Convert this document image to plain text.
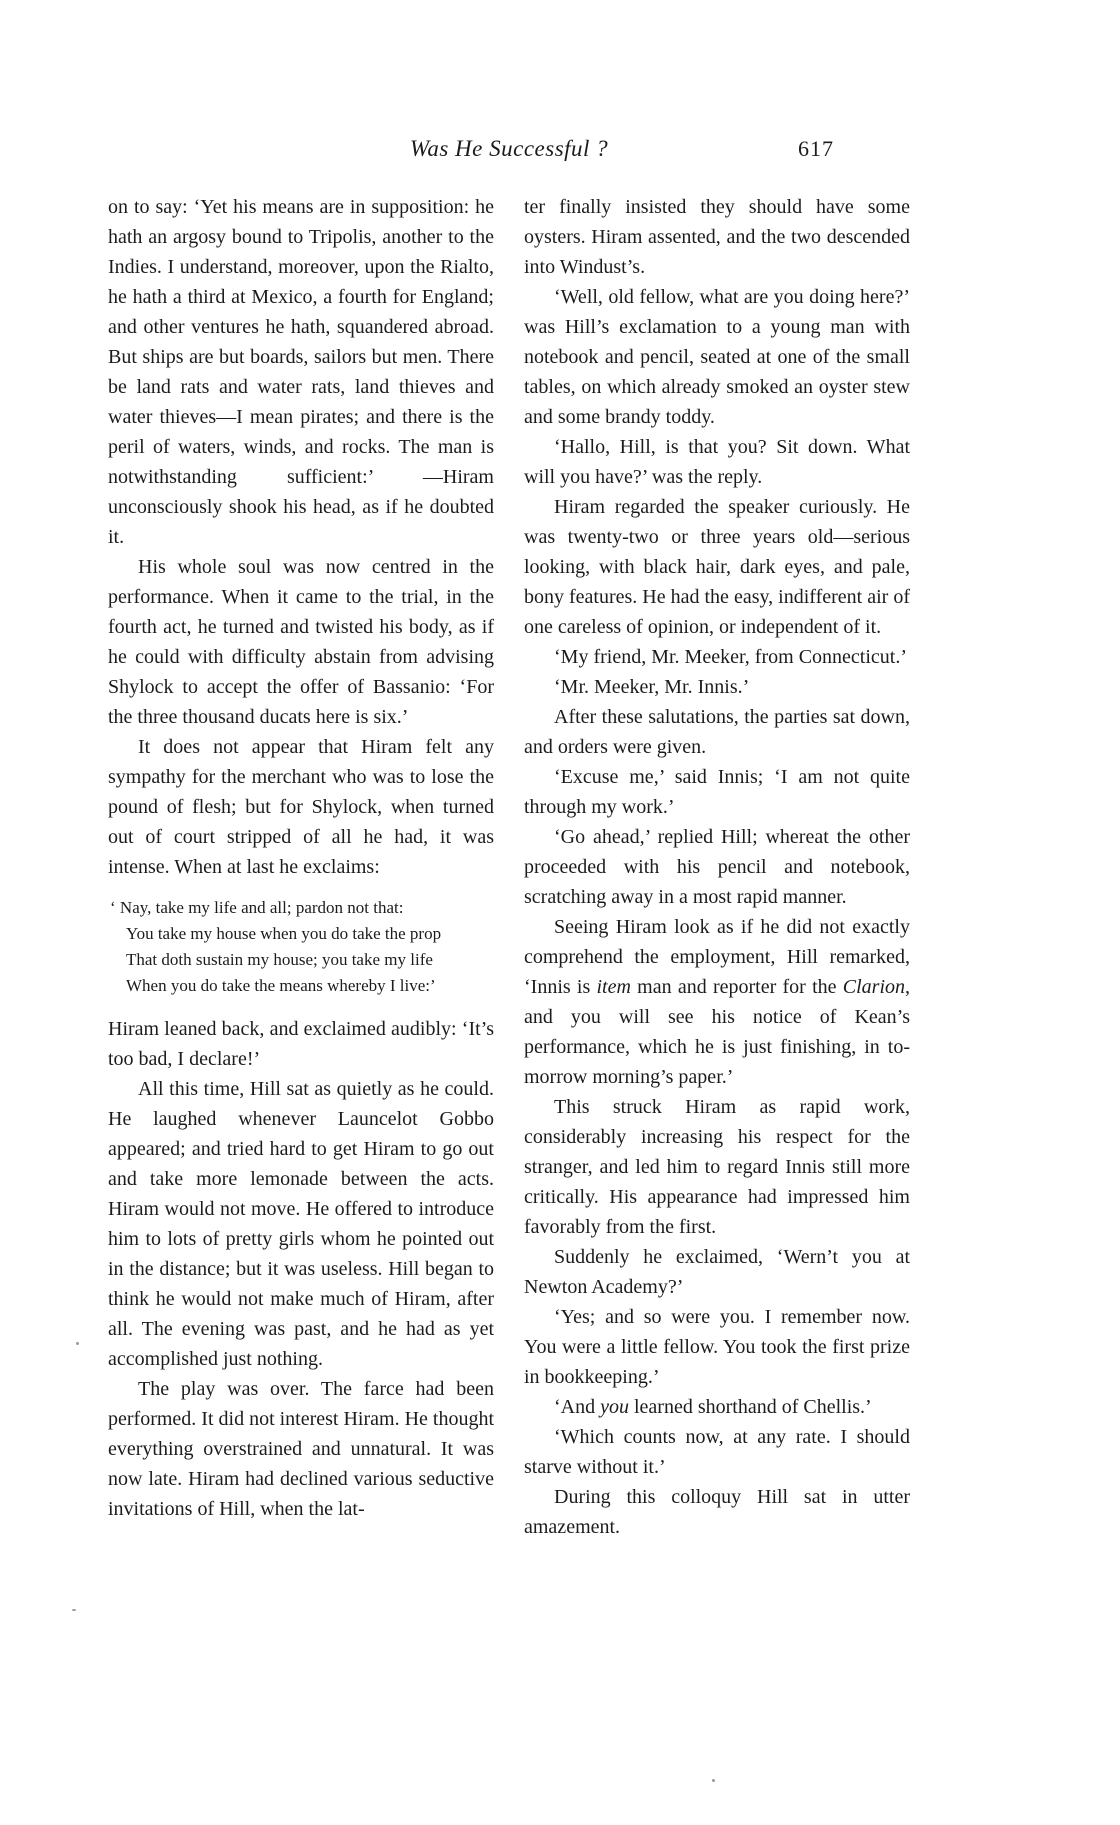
Was He Successful ?	617

on to say: ‘Yet his means are in supposition: he hath an argosy bound to Tripolis, another to the Indies. I understand, moreover, upon the Rialto, he hath a third at Mexico, a fourth for England; and other ventures he hath, squandered abroad. But ships are but boards, sailors but men. There be land rats and water rats, land thieves and water thieves—I mean pirates; and there is the peril of waters, winds, and rocks. The man is notwithstanding sufficient:’ —Hiram unconsciously shook his head, as if he doubted it.

His whole soul was now centred in the performance. When it came to the trial, in the fourth act, he turned and twisted his body, as if he could with difficulty abstain from advising Shylock to accept the offer of Bassanio: ‘For the three thousand ducats here is six.’

It does not appear that Hiram felt any sympathy for the merchant who was to lose the pound of flesh; but for Shylock, when turned out of court stripped of all he had, it was intense. When at last he exclaims:

‘ Nay, take my life and all; pardon not that:
You take my house when you do take the prop
That doth sustain my house; you take my life
When you do take the means whereby I live:’

Hiram leaned back, and exclaimed audibly: ‘It’s too bad, I declare!’

All this time, Hill sat as quietly as he could. He laughed whenever Launcelot Gobbo appeared; and tried hard to get Hiram to go out and take more lemonade between the acts. Hiram would not move. He offered to introduce him to lots of pretty girls whom he pointed out in the distance; but it was useless. Hill began to think he would not make much of Hiram, after all. The evening was past, and he had as yet accomplished just nothing.

The play was over. The farce had been performed. It did not interest Hiram. He thought everything overstrained and unnatural. It was now late. Hiram had declined various seductive invitations of Hill, when the lat-

ter finally insisted they should have some oysters. Hiram assented, and the two descended into Windust’s.

‘Well, old fellow, what are you doing here?’ was Hill’s exclamation to a young man with notebook and pencil, seated at one of the small tables, on which already smoked an oyster stew and some brandy toddy.

‘Hallo, Hill, is that you? Sit down. What will you have?’ was the reply.

Hiram regarded the speaker curiously. He was twenty-two or three years old—serious looking, with black hair, dark eyes, and pale, bony features. He had the easy, indifferent air of one careless of opinion, or independent of it.

‘My friend, Mr. Meeker, from Connecticut.’

‘Mr. Meeker, Mr. Innis.’

After these salutations, the parties sat down, and orders were given.

‘Excuse me,’ said Innis; ‘I am not quite through my work.’

‘Go ahead,’ replied Hill; whereat the other proceeded with his pencil and notebook, scratching away in a most rapid manner.

Seeing Hiram look as if he did not exactly comprehend the employment, Hill remarked, ‘Innis is item man and reporter for the Clarion, and you will see his notice of Kean’s performance, which he is just finishing, in to-morrow morning’s paper.’

This struck Hiram as rapid work, considerably increasing his respect for the stranger, and led him to regard Innis still more critically. His appearance had impressed him favorably from the first.

Suddenly he exclaimed, ‘Wern’t you at Newton Academy?’

‘Yes; and so were you. I remember now. You were a little fellow. You took the first prize in bookkeeping.’

‘And you learned shorthand of Chellis.’

‘Which counts now, at any rate. I should starve without it.’

During this colloquy Hill sat in utter amazement.
